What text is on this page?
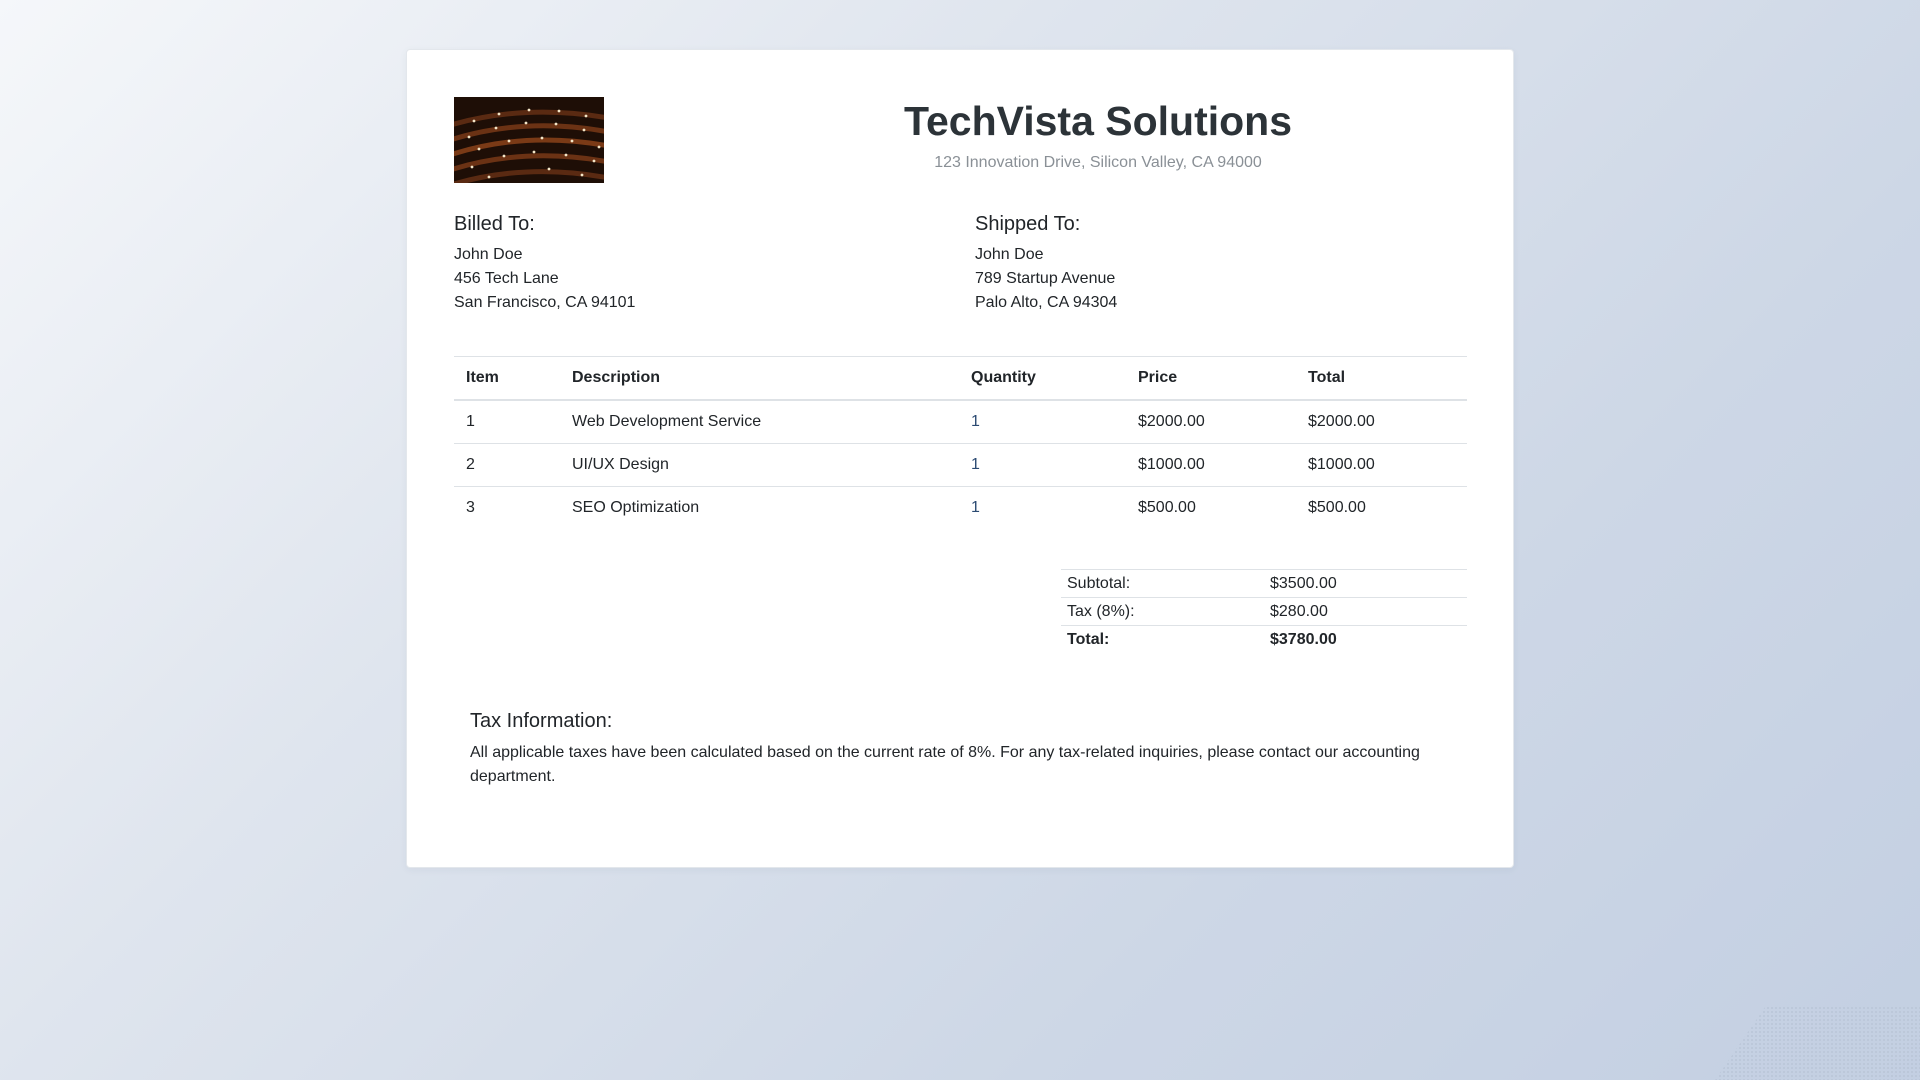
TechVista Solutions
123 Innovation Drive, Silicon Valley, CA 94000
Billed To:
John Doe
456 Tech Lane
San Francisco, CA 94101
Shipped To:
John Doe
789 Startup Avenue
Palo Alto, CA 94304
Item	Description	Quantity	Price	Total
1	Web Development Service	1	$2000.00	$2000.00
2	UI/UX Design	1	$1000.00	$1000.00
3	SEO Optimization	1	$500.00	$500.00
Subtotal:	$3500.00
Tax (8%):	$280.00
Total:	$3780.00
Tax Information:
All applicable taxes have been calculated based on the current rate of 8%. For any tax-related inquiries, please contact our accounting department.
